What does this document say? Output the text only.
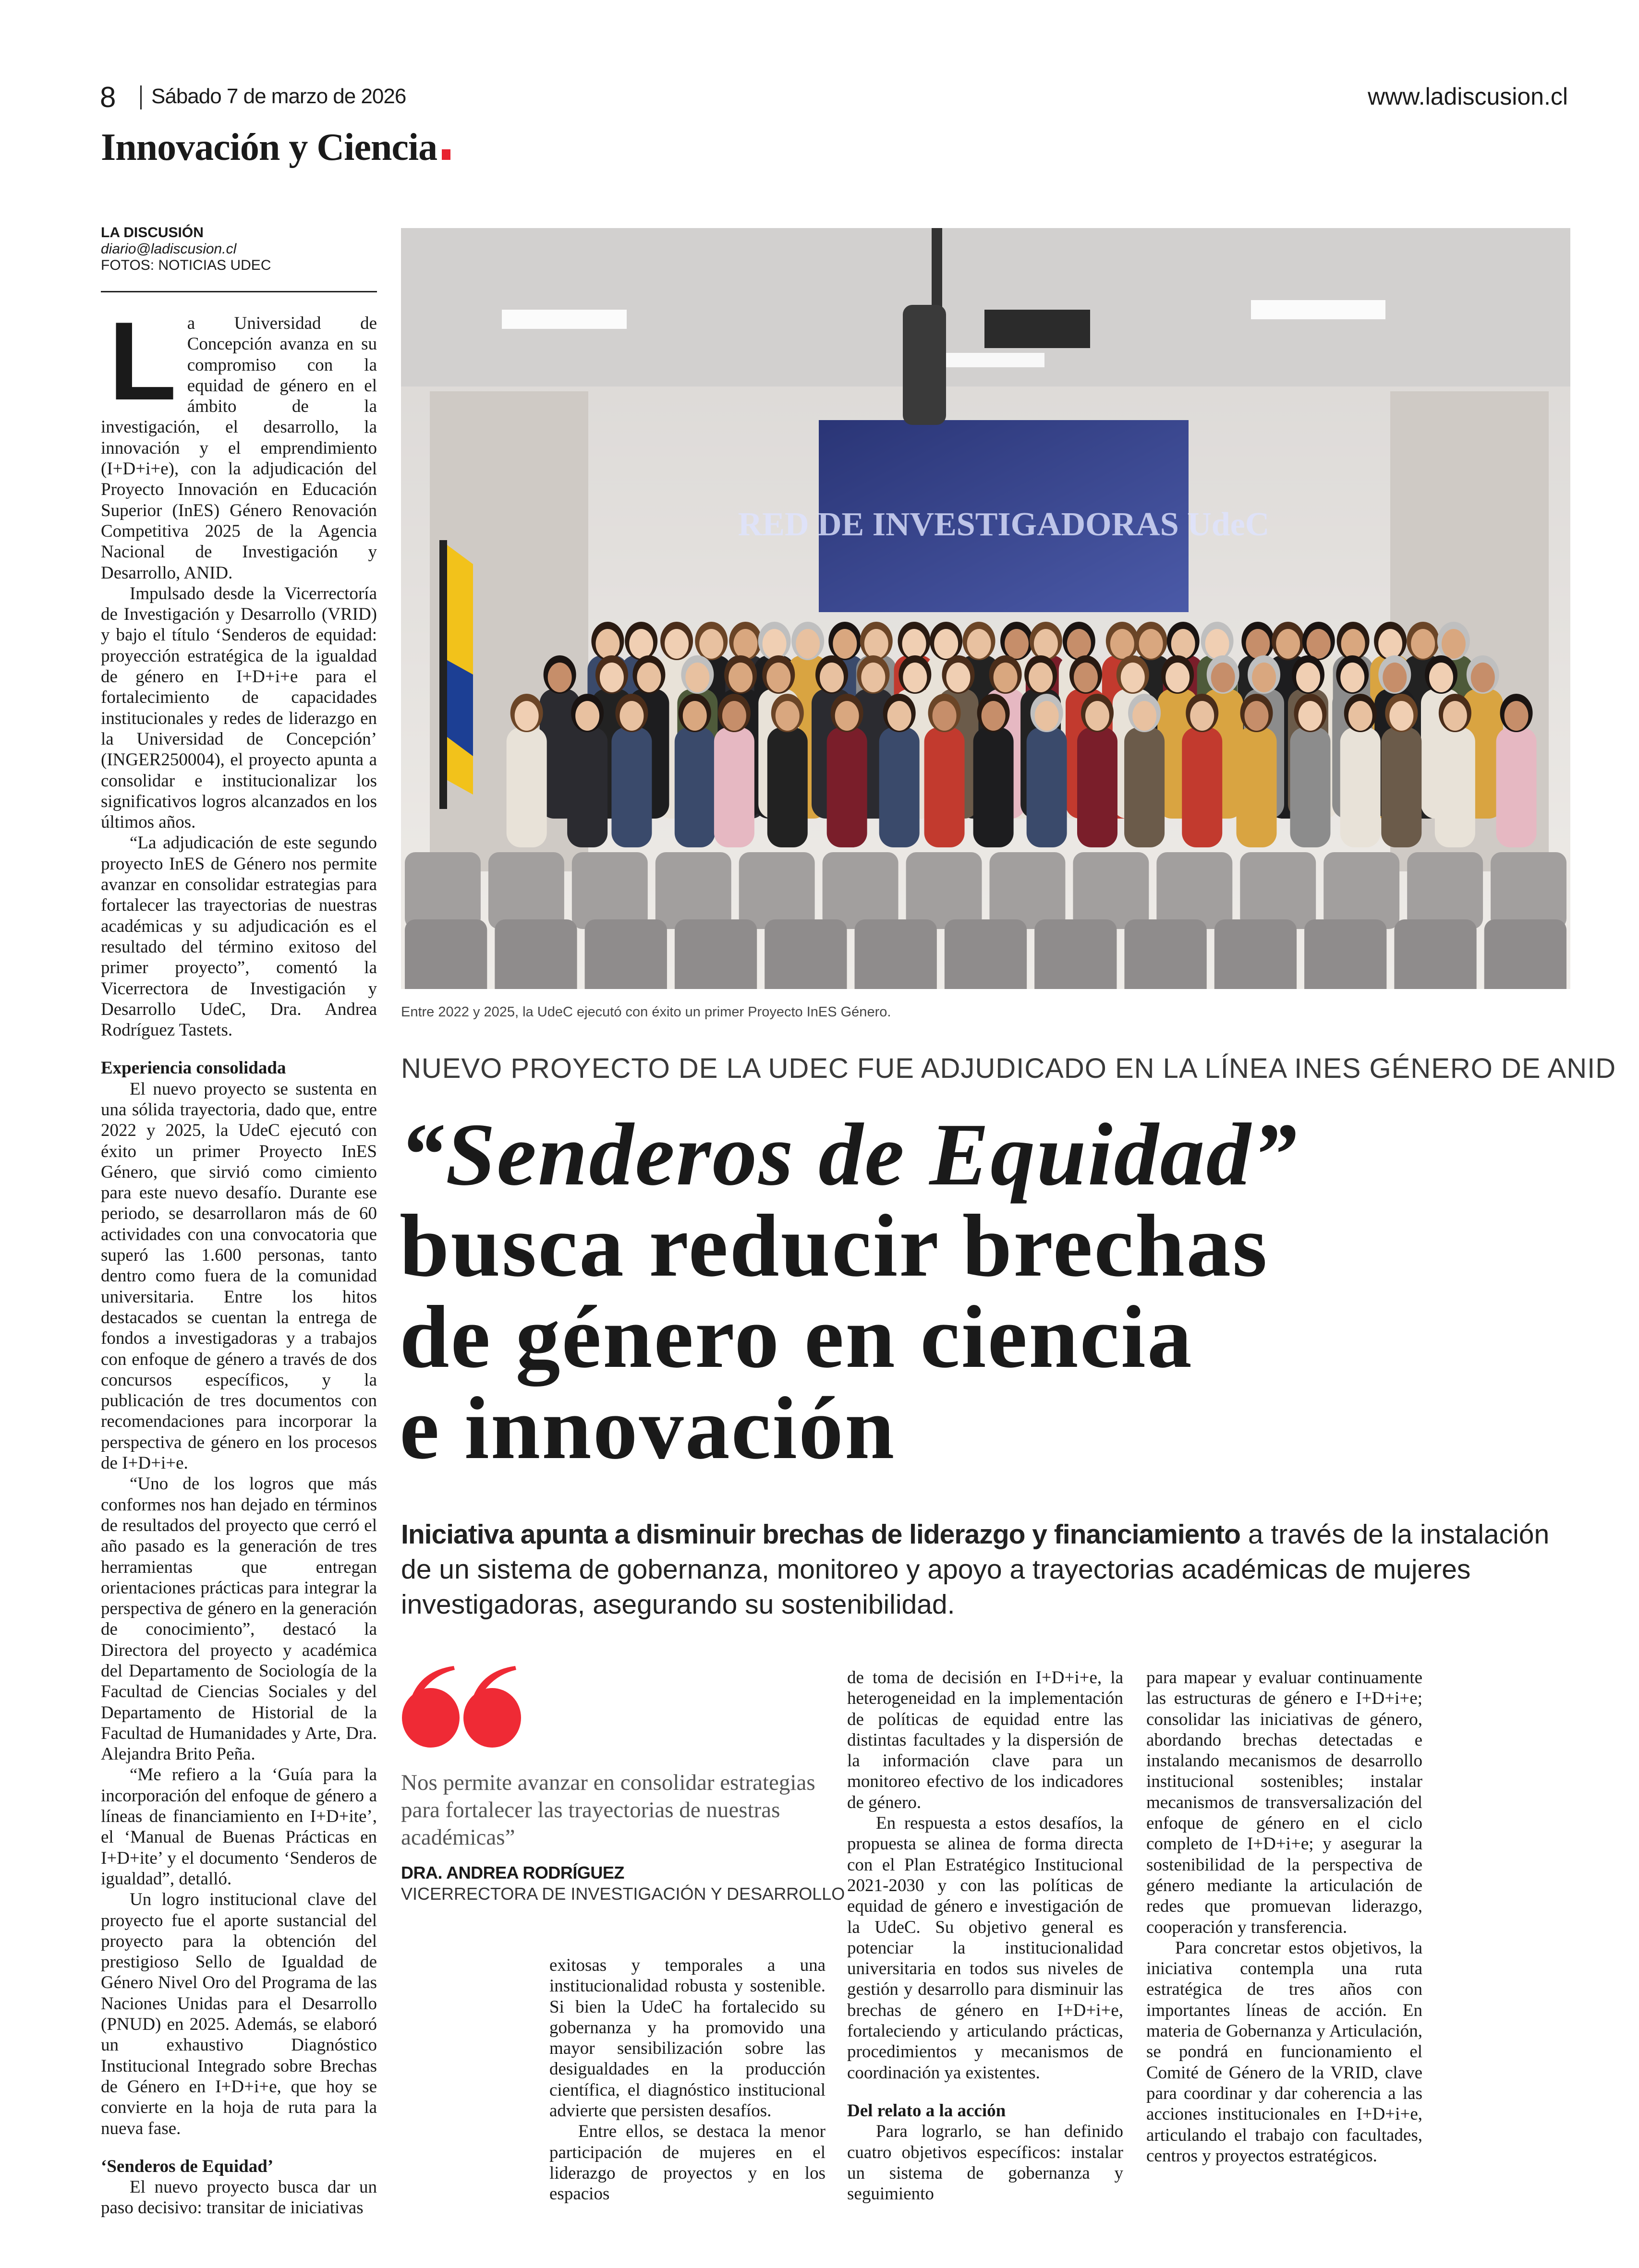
8 Sábado 7 de marzo de 2026	www.ladiscusion.cl
Innovación y Ciencia
LA DISCUSIÓN
diario@ladiscusion.cl
FOTOS: NOTICIAS UDEC
RED DE INVESTIGADORAS UdeC
Entre 2022 y 2025, la UdeC ejecutó con éxito un primer Proyecto InES Género.
NUEVO PROYECTO DE LA UDEC FUE ADJUDICADO EN LA LÍNEA INES GÉNERO DE ANID
“Senderos de Equidad”
busca reducir brechas
de género en ciencia
e innovación
Iniciativa apunta a disminuir brechas de liderazgo y financiamiento a través de la instalación de un sistema de gobernanza, monitoreo y apoyo a trayectorias académicas de mujeres investigadoras, asegurando su sostenibilidad.
Nos permite avanzar en consolidar estrategias para fortalecer las trayectorias de nuestras académicas”
DRA. ANDREA RODRÍGUEZ
VICERRECTORA DE INVESTIGACIÓN Y DESARROLLO

La Universidad de Concepción avanza en su compromiso con la equidad de género en el ámbito de la investigación, el desarrollo, la innovación y el emprendimiento (I+D+i+e), con la adjudicación del Proyecto Innovación en Educación Superior (InES) Género Renovación Competitiva 2025 de la Agencia Nacional de Investigación y Desarrollo, ANID.

Impulsado desde la Vicerrectoría de Investigación y Desarrollo (VRID) y bajo el título ‘Senderos de equidad: proyección estratégica de la igualdad de género en I+D+i+e para el fortalecimiento de capacidades institucionales y redes de liderazgo en la Universidad de Concepción’ (INGER250004), el proyecto apunta a consolidar e institucionalizar los significativos logros alcanzados en los últimos años.

“La adjudicación de este segundo proyecto InES de Género nos permite avanzar en consolidar estrategias para fortalecer las trayectorias de nuestras académicas y su adjudicación es el resultado del término exitoso del primer proyecto”, comentó la Vicerrectora de Investigación y Desarrollo UdeC, Dra. Andrea Rodríguez Tastets.

Experiencia consolidada

El nuevo proyecto se sustenta en una sólida trayectoria, dado que, entre 2022 y 2025, la UdeC ejecutó con éxito un primer Proyecto InES Género, que sirvió como cimiento para este nuevo desafío. Durante ese periodo, se desarrollaron más de 60 actividades con una convocatoria que superó las 1.600 personas, tanto dentro como fuera de la comunidad universitaria. Entre los hitos destacados se cuentan la entrega de fondos a investigadoras y a trabajos con enfoque de género a través de dos concursos específicos, y la publicación de tres documentos con recomendaciones para incorporar la perspectiva de género en los procesos de I+D+i+e.

“Uno de los logros que más conformes nos han dejado en términos de resultados del proyecto que cerró el año pasado es la generación de tres herramientas que entregan orientaciones prácticas para integrar la perspectiva de género en la generación de conocimiento”, destacó la Directora del proyecto y académica del Departamento de Sociología de la Facultad de Ciencias Sociales y del Departamento de Historial de la Facultad de Humanidades y Arte, Dra. Alejandra Brito Peña.

“Me refiero a la ‘Guía para la incorporación del enfoque de género a líneas de financiamiento en I+D+ite’, el ‘Manual de Buenas Prácticas en I+D+ite’ y el documento ‘Senderos de igualdad”, detalló.

Un logro institucional clave del proyecto fue el aporte sustancial del proyecto para la obtención del prestigioso Sello de Igualdad de Género Nivel Oro del Programa de las Naciones Unidas para el Desarrollo (PNUD) en 2025. Además, se elaboró un exhaustivo Diagnóstico Institucional Integrado sobre Brechas de Género en I+D+i+e, que hoy se convierte en la hoja de ruta para la nueva fase.

‘Senderos de Equidad’

El nuevo proyecto busca dar un paso decisivo: transitar de iniciativas

exitosas y temporales a una institucionalidad robusta y sostenible. Si bien la UdeC ha fortalecido su gobernanza y ha promovido una mayor sensibilización sobre las desigualdades en la producción científica, el diagnóstico institucional advierte que persisten desafíos.

Entre ellos, se destaca la menor participación de mujeres en el liderazgo de proyectos y en los espacios

de toma de decisión en I+D+i+e, la heterogeneidad en la implementación de políticas de equidad entre las distintas facultades y la dispersión de la información clave para un monitoreo efectivo de los indicadores de género.

En respuesta a estos desafíos, la propuesta se alinea de forma directa con el Plan Estratégico Institucional 2021-2030 y con las políticas de equidad de género e investigación de la UdeC. Su objetivo general es potenciar la institucionalidad universitaria en todos sus niveles de gestión y desarrollo para disminuir las brechas de género en I+D+i+e, fortaleciendo y articulando prácticas, procedimientos y mecanismos de coordinación ya existentes.

Del relato a la acción

Para lograrlo, se han definido cuatro objetivos específicos: instalar un sistema de gobernanza y seguimiento

para mapear y evaluar continuamente las estructuras de género e I+D+i+e; consolidar las iniciativas de género, abordando brechas detectadas e instalando mecanismos de desarrollo institucional sostenibles; instalar mecanismos de transversalización del enfoque de género en el ciclo completo de I+D+i+e; y asegurar la sostenibilidad de la perspectiva de género mediante la articulación de redes que promuevan liderazgo, cooperación y transferencia.

Para concretar estos objetivos, la iniciativa contempla una ruta estratégica de tres años con importantes líneas de acción. En materia de Gobernanza y Articulación, se pondrá en funcionamiento el Comité de Género de la VRID, clave para coordinar y dar coherencia a las acciones institucionales en I+D+i+e, articulando el trabajo con facultades, centros y proyectos estratégicos.
